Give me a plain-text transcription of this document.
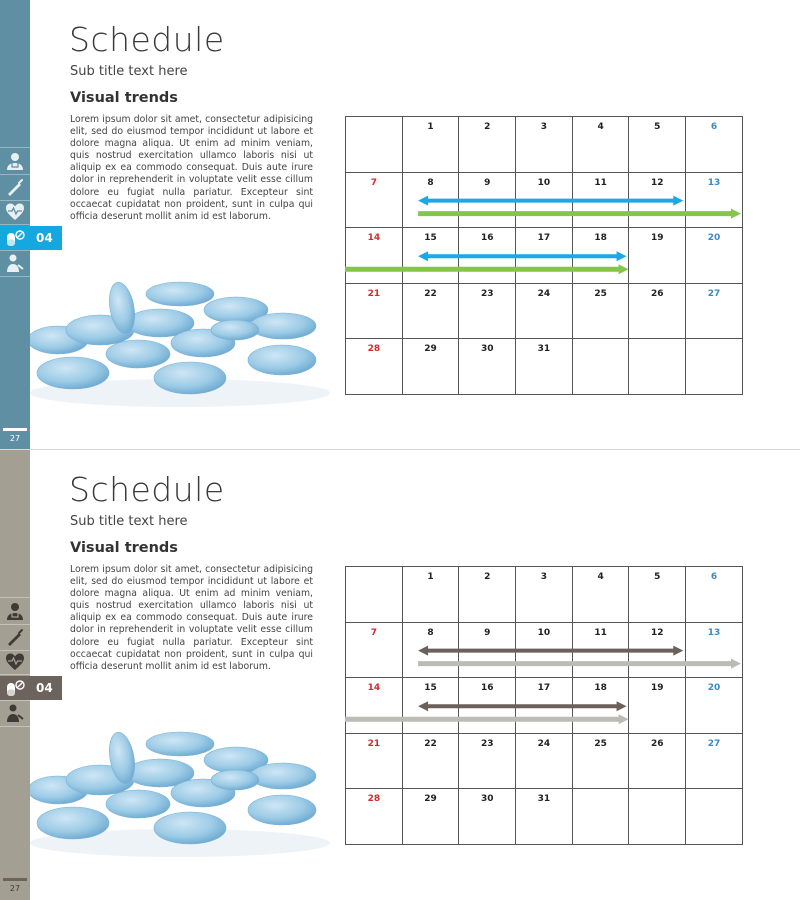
04
27
Schedule
Sub title text here
Visual trends
Lorem ipsum dolor sit amet, consectetur adipisicing elit, sed do eiusmod tempor incididunt ut labore et dolore magna aliqua. Ut enim ad minim veniam, quis nostrud exercitation ullamco laboris nisi ut aliquip ex ea commodo consequat. Duis aute irure dolor in reprehenderit in voluptate velit esse cillum dolore eu fugiat nulla pariatur. Excepteur sint occaecat cupidatat non proident, sunt in culpa qui officia deserunt mollit anim id est laborum.
	1	2	3	4	5	6
7	8	9	10	11	12	13
14	15	16	17	18	19	20
21	22	23	24	25	26	27
28	29	30	31			
04
27
Schedule
Sub title text here
Visual trends
Lorem ipsum dolor sit amet, consectetur adipisicing elit, sed do eiusmod tempor incididunt ut labore et dolore magna aliqua. Ut enim ad minim veniam, quis nostrud exercitation ullamco laboris nisi ut aliquip ex ea commodo consequat. Duis aute irure dolor in reprehenderit in voluptate velit esse cillum dolore eu fugiat nulla pariatur. Excepteur sint occaecat cupidatat non proident, sunt in culpa qui officia deserunt mollit anim id est laborum.
	1	2	3	4	5	6
7	8	9	10	11	12	13
14	15	16	17	18	19	20
21	22	23	24	25	26	27
28	29	30	31			
